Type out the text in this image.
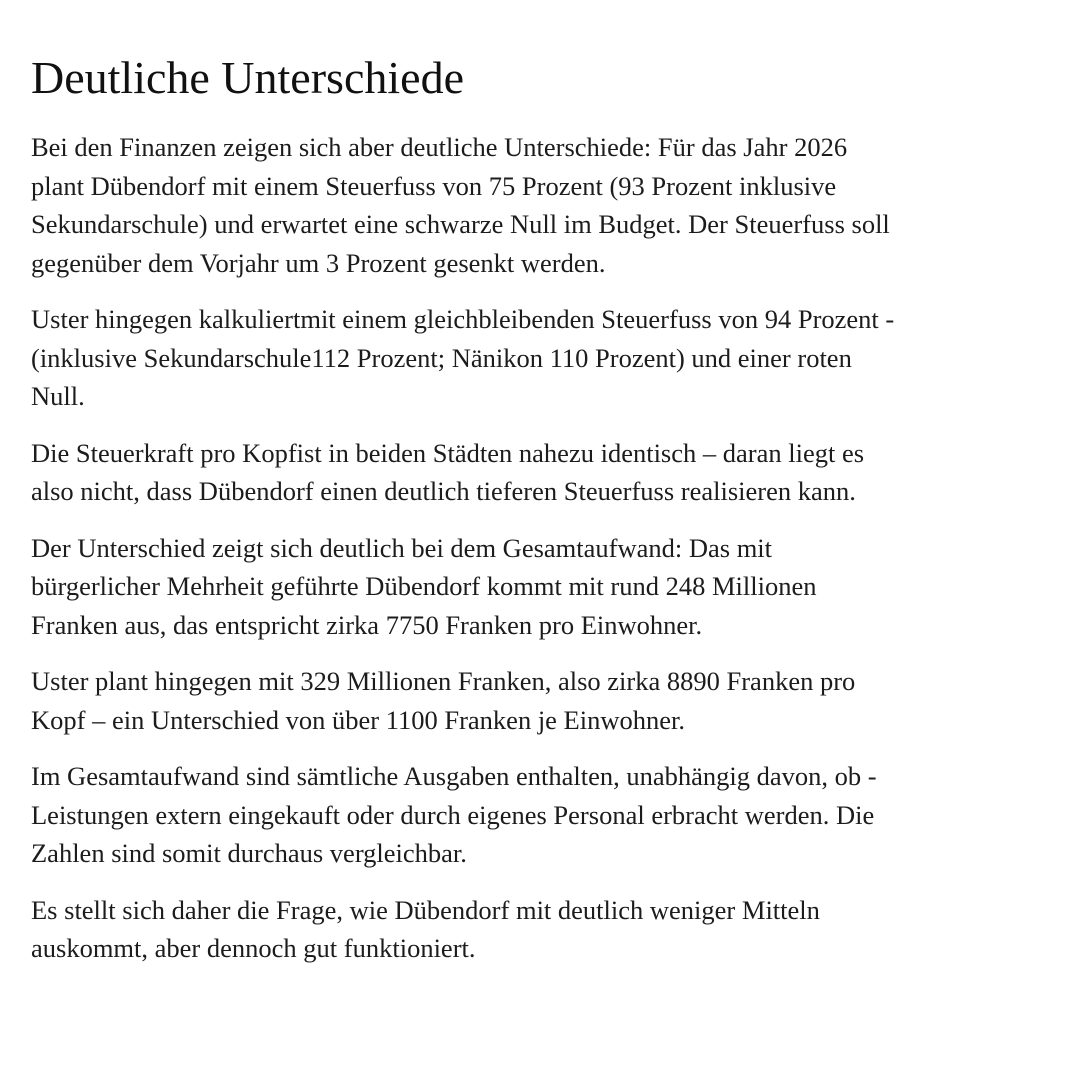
Deutliche Unterschiede

Bei den Finanzen zeigen sich aber deutliche Unterschiede: Für das Jahr 2026
plant Dübendorf mit einem Steuerfuss von 75 Prozent (93 Prozent inklusive
Sekundarschule) und erwartet eine schwarze Null im Budget. Der Steuerfuss soll
gegenüber dem Vorjahr um 3 Prozent gesenkt werden.

Uster hingegen kalkuliertmit einem gleichbleibenden Steuerfuss von 94 Prozent -
(inklusive Sekundarschule112 Prozent; Nänikon 110 Prozent) und einer roten
Null.

Die Steuerkraft pro Kopfist in beiden Städten nahezu identisch – daran liegt es
also nicht, dass Dübendorf einen deutlich tieferen Steuerfuss realisieren kann.

Der Unterschied zeigt sich deutlich bei dem Gesamtaufwand: Das mit
bürgerlicher Mehrheit geführte Dübendorf kommt mit rund 248 Millionen
Franken aus, das entspricht zirka 7750 Franken pro Einwohner.

Uster plant hingegen mit 329 Millionen Franken, also zirka 8890 Franken pro
Kopf – ein Unterschied von über 1100 Franken je Einwohner.

Im Gesamtaufwand sind sämtliche Ausgaben enthalten, unabhängig davon, ob -
Leistungen extern eingekauft oder durch eigenes Personal erbracht werden. Die
Zahlen sind somit durchaus vergleichbar.

Es stellt sich daher die Frage, wie Dübendorf mit deutlich weniger Mitteln
auskommt, aber dennoch gut funktioniert.
